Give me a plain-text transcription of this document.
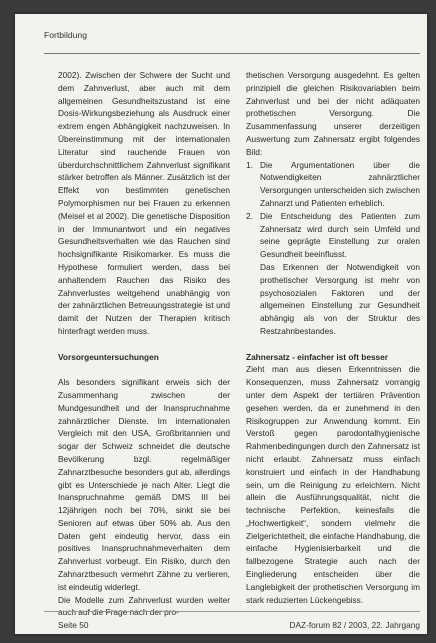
Fortbildung

2002). Zwischen der Schwere der Sucht und dem Zahnverlust, aber auch mit dem allgemeinen Gesundheitszustand ist eine Dosis-Wirkungsbeziehung als Ausdruck einer extrem engen Abhängigkeit nachzuweisen. In Übereinstimmung mit der internationalen Literatur sind rauchende Frauen von überdurchschnittlichem Zahnverlust signifikant stärker betroffen als Männer. Zusätzlich ist der Effekt von bestimmten genetischen Polymorphismen nur bei Frauen zu erkennen (Meisel et al 2002). Die genetische Disposition in der Immunantwort und ein negatives Gesundheitsverhalten wie das Rauchen sind hochsignifikante Risikomarker. Es muss die Hypothese formuliert werden, dass bei anhaltendem Rauchen das Risiko des Zahnverlustes weitgehend unabhängig von der zahnärztlichen Betreuungsstrategie ist und damit der Nutzen der Therapien kritisch hinterfragt werden muss.

Vorsorgeuntersuchungen

Als besonders signifikant erweis sich der Zusammenhang zwischen der Mundgesundheit und der Inanspruchnahme zahnärztlicher Dienste. Im internationalen Vergleich mit den USA, Großbritannien und sogar der Schweiz schneidet die deutsche Bevölkerung bzgl. regelmäßiger Zahnarztbesuche besonders gut ab, allerdings gibt es Unterschiede je nach Alter. Liegt die Inanspruchnahme gemäß DMS III bei 12jährigen noch bei 70%, sinkt sie bei Senioren auf etwas über 50% ab. Aus den Daten geht eindeutig hervor, dass ein positives Inanspruchnahmeverhalten dem Zahnverlust vorbeugt. Ein Risiko, durch den Zahnarztbesuch vermehrt Zähne zu verlieren, ist eindeutig widerlegt.

Die Modelle zum Zahnverlust wurden weiter auch auf die Frage nach der pro-

thetischen Versorgung ausgedehnt. Es gelten prinzipiell die gleichen Risikovariablen beim Zahnverlust und bei der nicht adäquaten prothetischen Versorgung. Die Zusammenfassung unserer derzeitigen Auswertung zum Zahnersatz ergibt folgendes Bild:

1. Die Argumentationen über die Notwendigkeiten zahnärztlicher Versorgungen unterscheiden sich zwischen Zahnarzt und Patienten erheblich.
2. Die Entscheidung des Patienten zum Zahnersatz wird durch sein Umfeld und seine geprägte Einstellung zur oralen Gesundheit beeinflusst.
Das Erkennen der Notwendigkeit von prothetischer Versorgung ist mehr von psychosozialen Faktoren und der allgemeinen Einstellung zur Gesundheit abhängig als von der Struktur des Restzahnbestandes.

Zahnersatz - einfacher ist oft besser

Zieht man aus diesen Erkenntnissen die Konsequenzen, muss Zahnersatz vorrangig unter dem Aspekt der tertiären Prävention gesehen werden, da er zunehmend in den Risikogruppen zur Anwendung kommt. Ein Verstoß gegen parodontalhygienische Rahmenbedingungen durch den Zahnersatz ist nicht erlaubt. Zahnersatz muss einfach konstruiert und einfach in der Handhabung sein, um die Reinigung zu erleichtern. Nicht allein die Ausführungsqualität, nicht die technische Perfektion, keinesfalls die „Hochwertigkeit“, sondern vielmehr die Zielgerichtetheit, die einfache Handhabung, die einfache Hygienisierbarkeit und die fallbezogene Strategie auch nach der Eingliederung entscheiden über die Langlebigkeit der prothetischen Versorgung im stark reduzierten Lückengebiss.

Seite 50	DAZ-forum 82 / 2003, 22. Jahrgang
